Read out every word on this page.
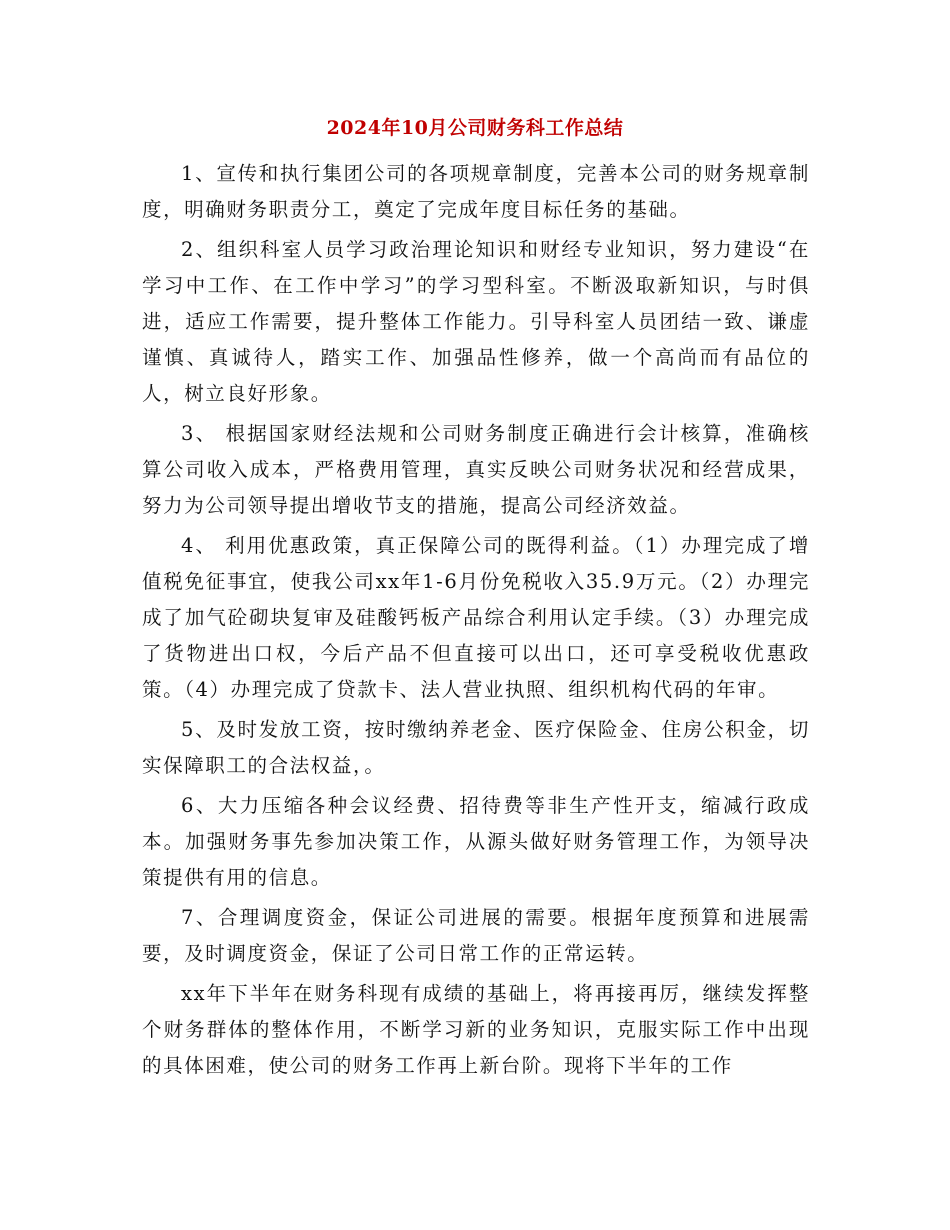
2024年10月公司财务科工作总结

1、宣传和执行集团公司的各项规章制度，完善本公司的财务规章制度，明确财务职责分工，奠定了完成年度目标任务的基础。

2、组织科室人员学习政治理论知识和财经专业知识，努力建设“在学习中工作、在工作中学习”的学习型科室。不断汲取新知识，与时俱进，适应工作需要，提升整体工作能力。引导科室人员团结一致、谦虚谨慎、真诚待人，踏实工作、加强品性修养，做一个高尚而有品位的人，树立良好形象。

3、 根据国家财经法规和公司财务制度正确进行会计核算，准确核算公司收入成本，严格费用管理，真实反映公司财务状况和经营成果，努力为公司领导提出增收节支的措施，提高公司经济效益。

4、 利用优惠政策，真正保障公司的既得利益。（1）办理完成了增值税免征事宜，使我公司xx年1-6月份免税收入35.9万元。（2）办理完成了加气砼砌块复审及硅酸钙板产品综合利用认定手续。（3）办理完成了货物进出口权，今后产品不但直接可以出口，还可享受税收优惠政策。（4）办理完成了贷款卡、法人营业执照、组织机构代码的年审。

5、及时发放工资，按时缴纳养老金、医疗保险金、住房公积金，切实保障职工的合法权益，。

6、大力压缩各种会议经费、招待费等非生产性开支，缩减行政成本。加强财务事先参加决策工作，从源头做好财务管理工作，为领导决策提供有用的信息。

7、合理调度资金，保证公司进展的需要。根据年度预算和进展需要，及时调度资金，保证了公司日常工作的正常运转。

xx年下半年在财务科现有成绩的基础上，将再接再厉，继续发挥整个财务群体的整体作用，不断学习新的业务知识，克服实际工作中出现的具体困难，使公司的财务工作再上新台阶。现将下半年的工作
